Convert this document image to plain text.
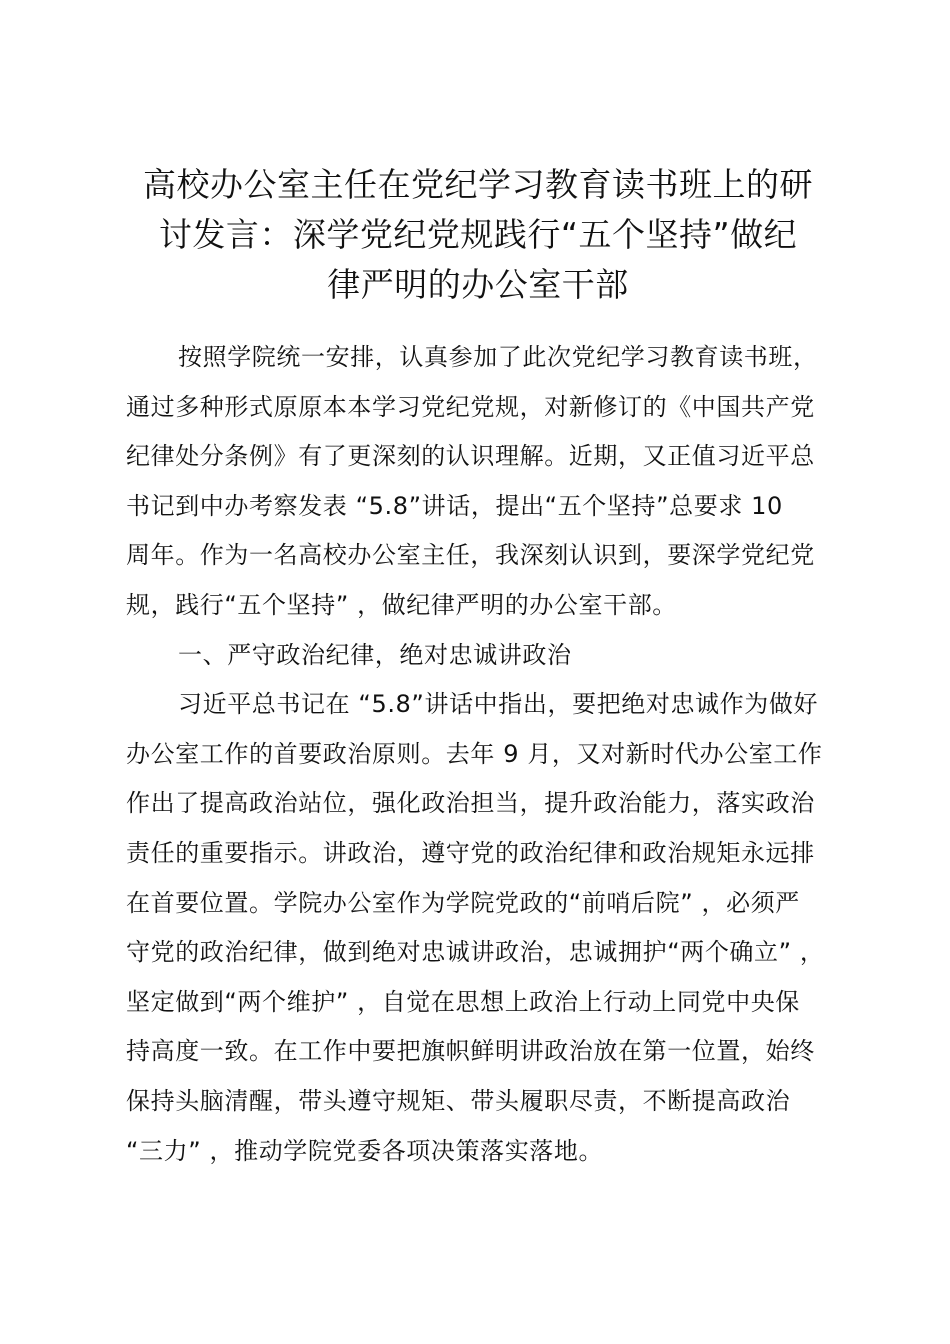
高校办公室主任在党纪学习教育读书班上的研
讨发言：深学党纪党规践行“五个坚持”做纪
律严明的办公室干部
按照学院统一安排，认真参加了此次党纪学习教育读书班，
通过多种形式原原本本学习党纪党规，对新修订的《中国共产党
纪律处分条例》有了更深刻的认识理解。近期，又正值习近平总
书记到中办考察发表 “5.8”讲话，提出“五个坚持”总要求 10
周年。作为一名高校办公室主任，我深刻认识到，要深学党纪党
规，践行“五个坚持” ，做纪律严明的办公室干部。
一、严守政治纪律，绝对忠诚讲政治
习近平总书记在 “5.8”讲话中指出，要把绝对忠诚作为做好
办公室工作的首要政治原则。去年 9 月，又对新时代办公室工作
作出了提高政治站位，强化政治担当，提升政治能力，落实政治
责任的重要指示。讲政治，遵守党的政治纪律和政治规矩永远排
在首要位置。学院办公室作为学院党政的“前哨后院” ，必须严
守党的政治纪律，做到绝对忠诚讲政治，忠诚拥护“两个确立” ，
坚定做到“两个维护” ，自觉在思想上政治上行动上同党中央保
持高度一致。在工作中要把旗帜鲜明讲政治放在第一位置，始终
保持头脑清醒，带头遵守规矩、带头履职尽责，不断提高政治
“三力” ，推动学院党委各项决策落实落地。
